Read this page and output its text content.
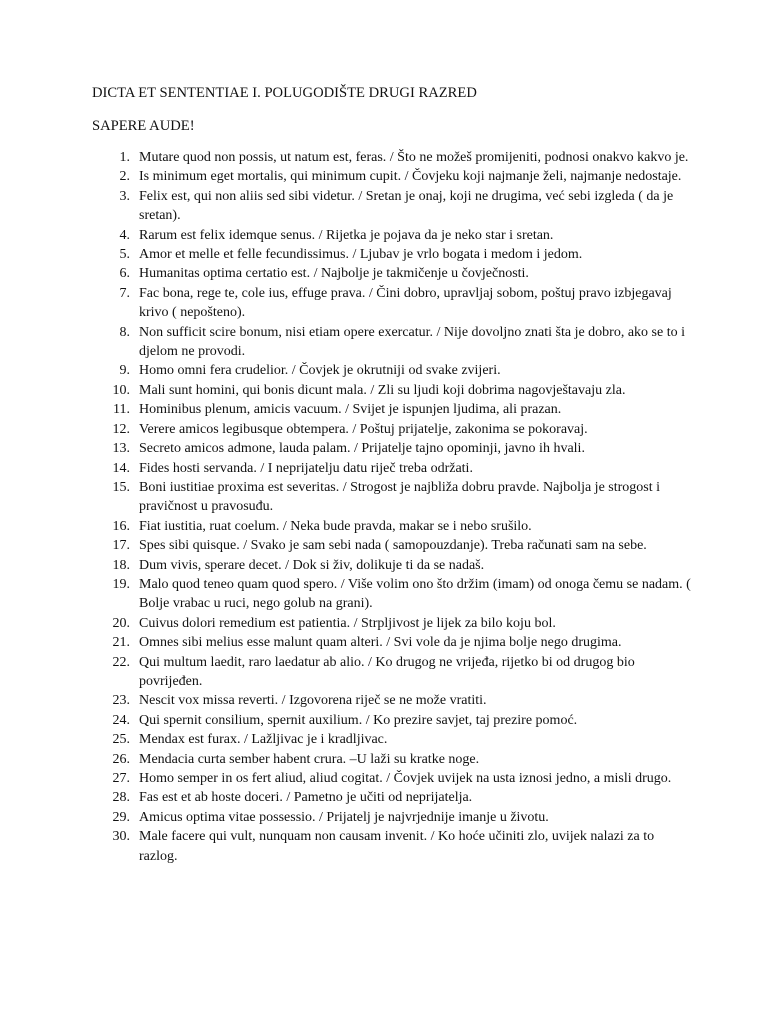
DICTA ET SENTENTIAE I. POLUGODIŠTE DRUGI RAZRED
SAPERE AUDE!
1. Mutare quod non possis, ut natum est, feras. / Što ne možeš promijeniti, podnosi onakvo kakvo je.
2. Is minimum eget mortalis, qui minimum cupit. / Čovjeku koji najmanje želi, najmanje nedostaje.
3. Felix est, qui non aliis sed sibi videtur. / Sretan je onaj, koji ne drugima, već sebi izgleda ( da je sretan).
4. Rarum est felix idemque senus. / Rijetka je pojava da je neko star i sretan.
5. Amor et melle et felle fecundissimus. / Ljubav je vrlo bogata i medom i jedom.
6. Humanitas optima certatio est. / Najbolje je takmičenje u čovječnosti.
7. Fac bona, rege te, cole ius, effuge prava. / Čini dobro, upravljaj sobom, poštuj pravo izbjegavaj krivo ( nepošteno).
8. Non sufficit scire bonum, nisi etiam opere exercatur. / Nije dovoljno znati šta je dobro, ako se to i djelom ne provodi.
9. Homo omni fera crudelior. / Čovjek je okrutniji od svake zvijeri.
10. Mali sunt homini, qui bonis dicunt mala. / Zli su ljudi koji dobrima nagovještavaju zla.
11. Hominibus plenum, amicis vacuum. / Svijet je ispunjen ljudima, ali prazan.
12. Verere amicos legibusque obtempera. / Poštuj prijatelje, zakonima se pokoravaj.
13. Secreto amicos admone, lauda palam. / Prijatelje tajno opominji, javno ih hvali.
14. Fides hosti servanda. / I neprijatelju datu riječ treba održati.
15. Boni iustitiae proxima est severitas. / Strogost je najbliža dobru pravde. Najbolja je strogost i pravičnost u pravosuđu.
16. Fiat iustitia, ruat coelum. / Neka bude pravda, makar se i nebo srušilo.
17. Spes sibi quisque. / Svako je sam sebi nada ( samopouzdanje). Treba računati sam na sebe.
18. Dum vivis, sperare decet. / Dok si živ, dolikuje ti da se nadaš.
19. Malo quod teneo quam quod spero. / Više volim ono što držim (imam) od onoga čemu se nadam. ( Bolje vrabac u ruci, nego golub na grani).
20. Cuivus dolori remedium est patientia. / Strpljivost je lijek za bilo koju bol.
21. Omnes sibi melius esse malunt quam alteri. / Svi vole da je njima bolje nego drugima.
22. Qui multum laedit, raro laedatur ab alio. / Ko drugog ne vrijeđa, rijetko bi od drugog bio povrijeđen.
23. Nescit vox missa reverti. / Izgovorena riječ se ne može vratiti.
24. Qui spernit consilium, spernit auxilium. / Ko prezire savjet, taj prezire pomoć.
25. Mendax est furax. / Lažljivac je i kradljivac.
26. Mendacia curta sember habent crura. –U laži su kratke noge.
27. Homo semper in os fert aliud, aliud cogitat. / Čovjek uvijek na usta iznosi jedno, a misli drugo.
28. Fas est et ab hoste doceri. / Pametno je učiti od neprijatelja.
29. Amicus optima vitae possessio. / Prijatelj je najvrjednije imanje u životu.
30. Male facere qui vult, nunquam non causam invenit. / Ko hoće učiniti zlo, uvijek nalazi za to razlog.
